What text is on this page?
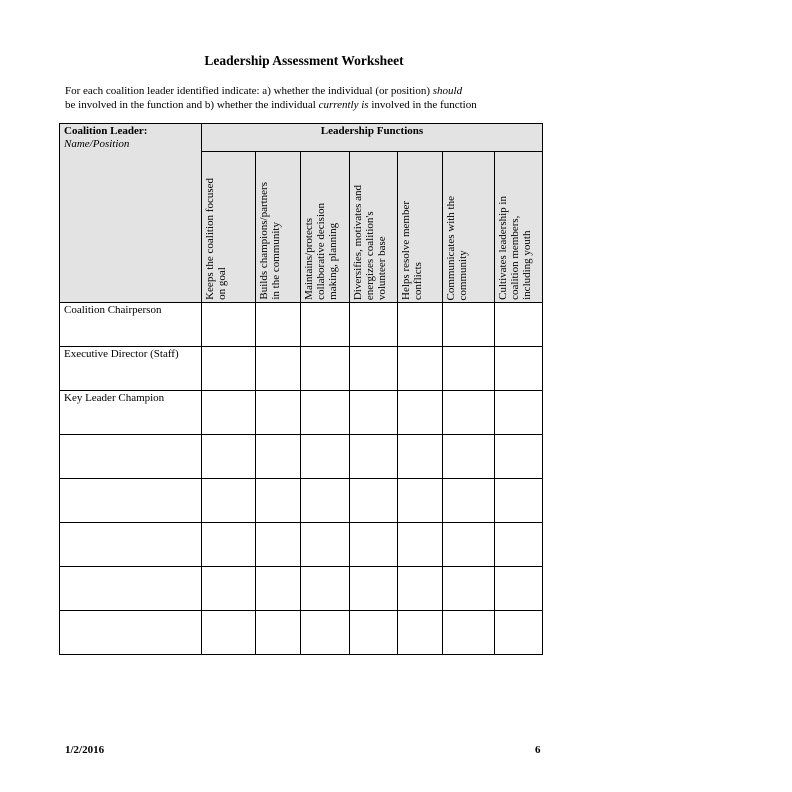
Leadership Assessment Worksheet
For each coalition leader identified indicate: a) whether the individual (or position) should
be involved in the function and b) whether the individual currently is involved in the function
Coalition Leader:
Name/Position	Leadership Functions						

	Keeps the coalition focused
on goal	Builds champions/partners
in the community	Maintains/protects
collaborative decision
making, planning	Diversifies, motivates and
energizes coalition's
volunteer base	Helps resolve member
conflicts	Communicates with the
community	Cultivates leadership in
coalition members,
including youth

Coalition Chairperson							
Executive Director (Staff)							
Key Leader Champion							

1/2/2016	6
